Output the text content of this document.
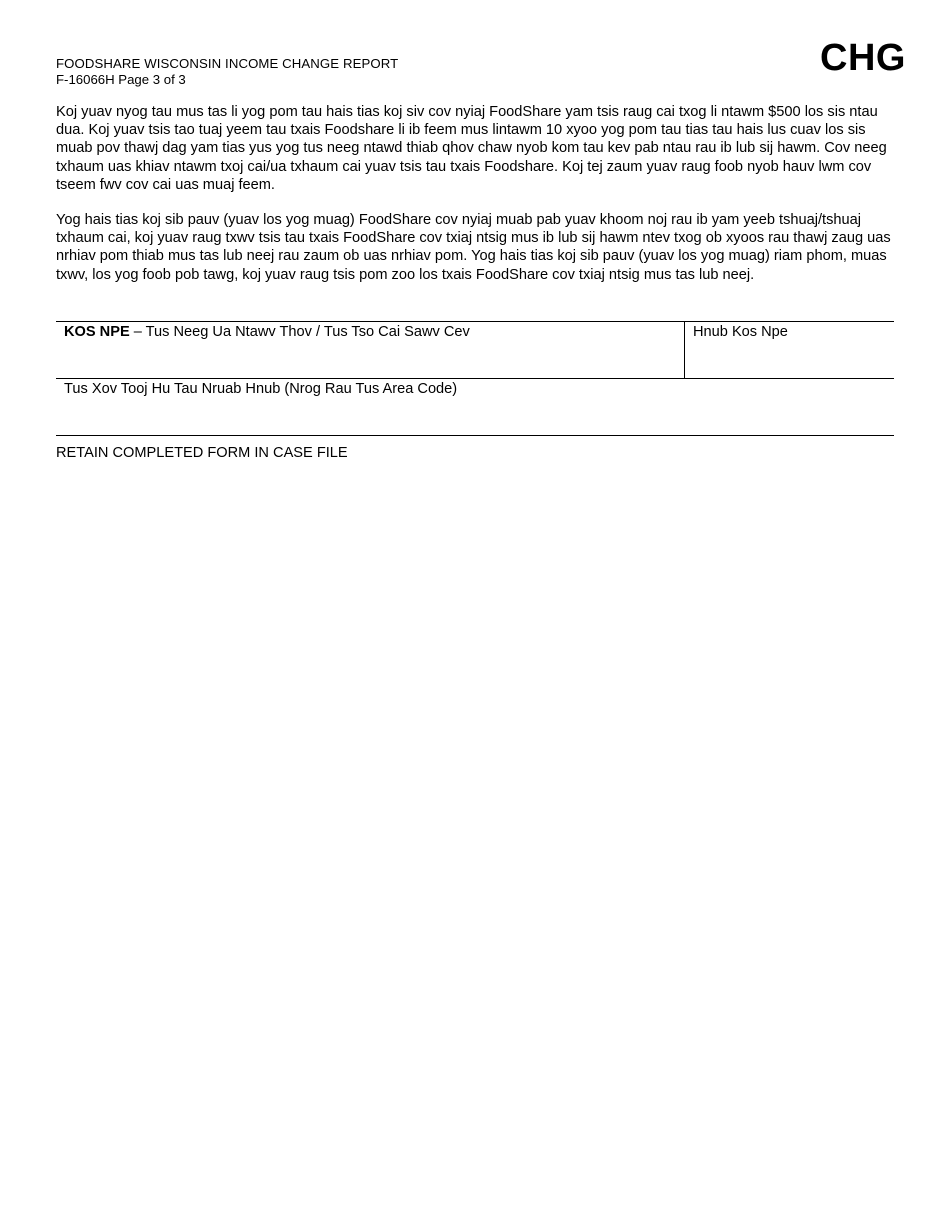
FOODSHARE WISCONSIN INCOME CHANGE REPORT
F-16066H Page 3 of 3
CHG

Koj yuav nyog tau mus tas li yog pom tau hais tias koj siv cov nyiaj FoodShare yam tsis raug cai txog li ntawm $500 los sis ntau dua. Koj yuav tsis tao tuaj yeem tau txais Foodshare li ib feem mus lintawm 10 xyoo yog pom tau tias tau hais lus cuav los sis muab pov thawj dag yam tias yus yog tus neeg ntawd thiab qhov chaw nyob kom tau kev pab ntau rau ib lub sij hawm. Cov neeg txhaum uas khiav ntawm txoj cai/ua txhaum cai yuav tsis tau txais Foodshare. Koj tej zaum yuav raug foob nyob hauv lwm cov tseem fwv cov cai uas muaj feem.

Yog hais tias koj sib pauv (yuav los yog muag) FoodShare cov nyiaj muab pab yuav khoom noj rau ib yam yeeb tshuaj/tshuaj txhaum cai, koj yuav raug txwv tsis tau txais FoodShare cov txiaj ntsig mus ib lub sij hawm ntev txog ob xyoos rau thawj zaug uas nrhiav pom thiab mus tas lub neej rau zaum ob uas nrhiav pom. Yog hais tias koj sib pauv (yuav los yog muag) riam phom, muas txwv, los yog foob pob tawg, koj yuav raug tsis pom zoo los txais FoodShare cov txiaj ntsig mus tas lub neej.

KOS NPE – Tus Neeg Ua Ntawv Thov / Tus Tso Cai Sawv Cev	Hnub Kos Npe
Tus Xov Tooj Hu Tau Nruab Hnub (Nrog Rau Tus Area Code)
RETAIN COMPLETED FORM IN CASE FILE
